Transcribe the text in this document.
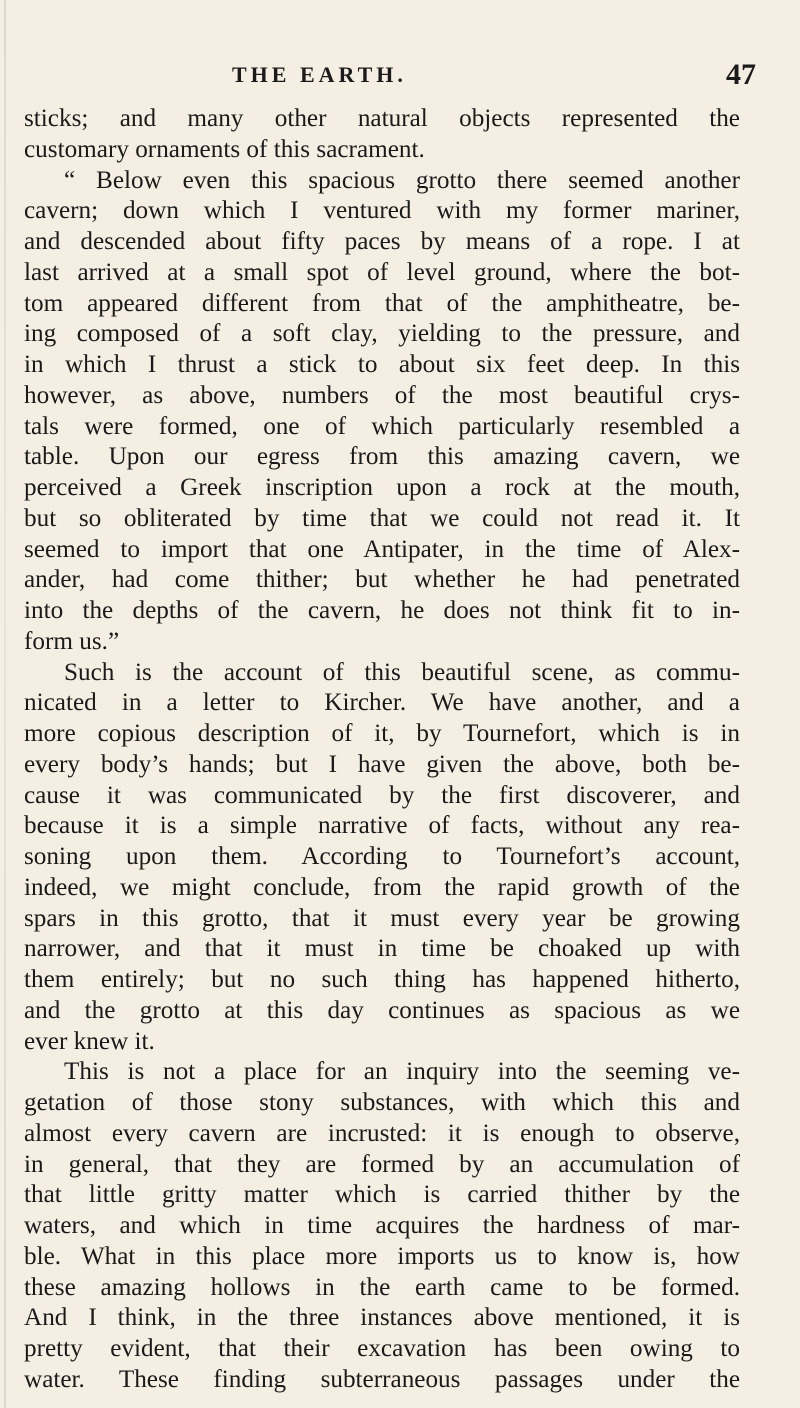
THE EARTH.	47
sticks; and many other natural objects represented the
customary ornaments of this sacrament.
“ Below even this spacious grotto there seemed another
cavern; down which I ventured with my former mariner,
and descended about fifty paces by means of a rope. I at
last arrived at a small spot of level ground, where the bot-
tom appeared different from that of the amphitheatre, be-
ing composed of a soft clay, yielding to the pressure, and
in which I thrust a stick to about six feet deep. In this
however, as above, numbers of the most beautiful crys-
tals were formed, one of which particularly resembled a
table. Upon our egress from this amazing cavern, we
perceived a Greek inscription upon a rock at the mouth,
but so obliterated by time that we could not read it. It
seemed to import that one Antipater, in the time of Alex-
ander, had come thither; but whether he had penetrated
into the depths of the cavern, he does not think fit to in-
form us.”
Such is the account of this beautiful scene, as commu-
nicated in a letter to Kircher. We have another, and a
more copious description of it, by Tournefort, which is in
every body’s hands; but I have given the above, both be-
cause it was communicated by the first discoverer, and
because it is a simple narrative of facts, without any rea-
soning upon them. According to Tournefort’s account,
indeed, we might conclude, from the rapid growth of the
spars in this grotto, that it must every year be growing
narrower, and that it must in time be choaked up with
them entirely; but no such thing has happened hitherto,
and the grotto at this day continues as spacious as we
ever knew it.
This is not a place for an inquiry into the seeming ve-
getation of those stony substances, with which this and
almost every cavern are incrusted: it is enough to observe,
in general, that they are formed by an accumulation of
that little gritty matter which is carried thither by the
waters, and which in time acquires the hardness of mar-
ble. What in this place more imports us to know is, how
these amazing hollows in the earth came to be formed.
And I think, in the three instances above mentioned, it is
pretty evident, that their excavation has been owing to
water. These finding subterraneous passages under the
